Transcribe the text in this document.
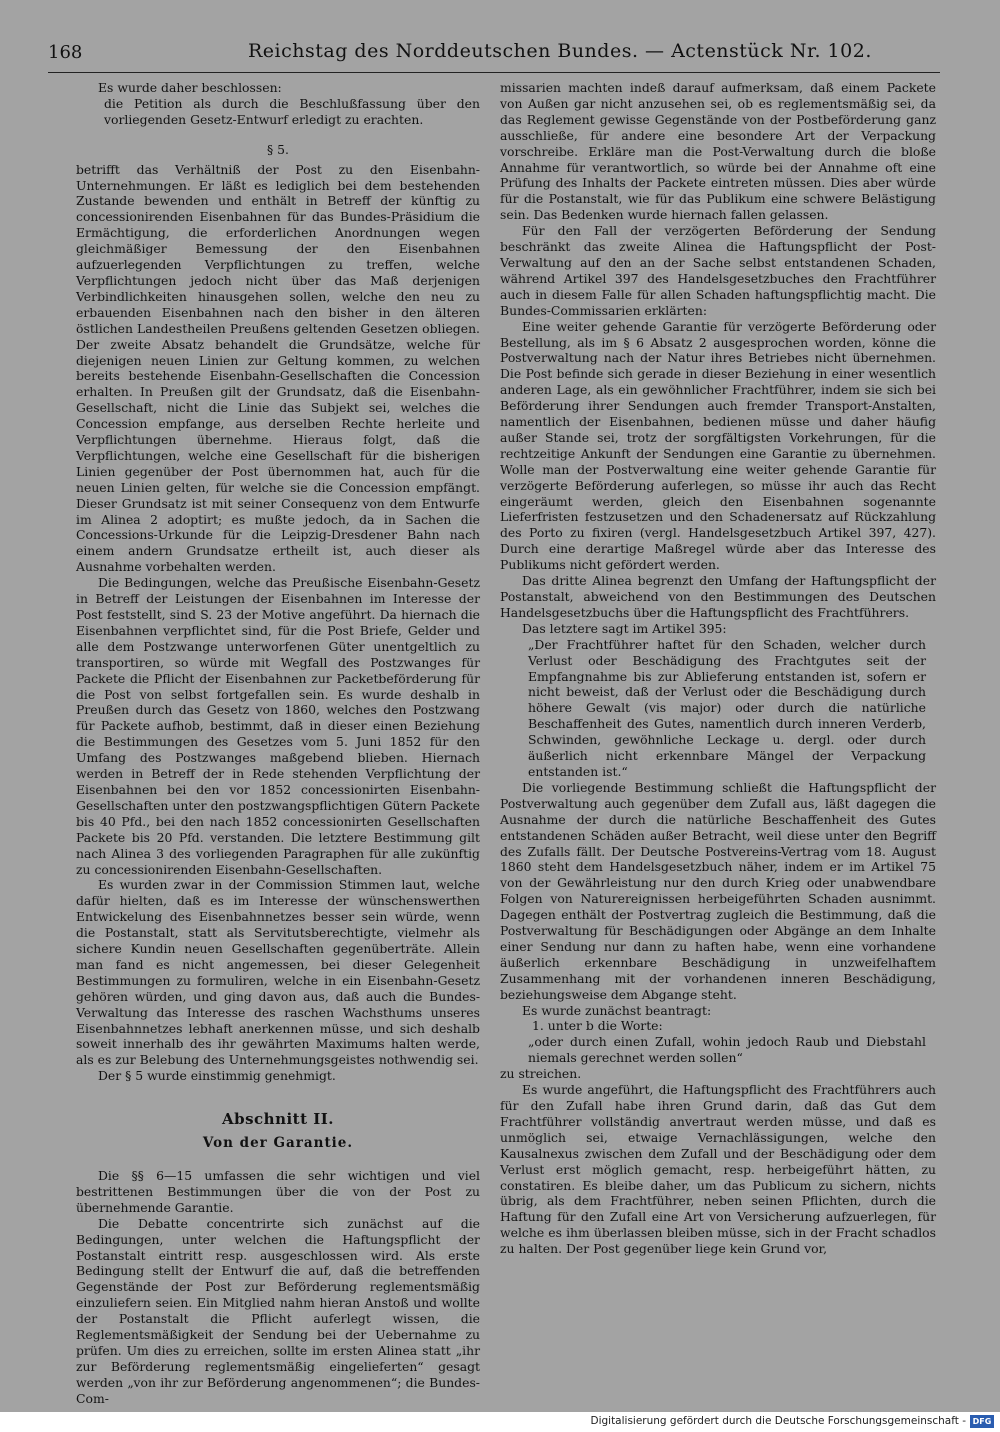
168	Reichstag des Norddeutschen Bundes. — Actenstück Nr. 102.

Es wurde daher beschlossen:

die Petition als durch die Beschlußfassung über den vorliegenden Gesetz-Entwurf erledigt zu erachten.

§ 5.

betrifft das Verhältniß der Post zu den Eisenbahn-Unternehmungen. Er läßt es lediglich bei dem bestehenden Zustande bewenden und enthält in Betreff der künftig zu concessionirenden Eisenbahnen für das Bundes-Präsidium die Ermächtigung, die erforderlichen Anordnungen wegen gleichmäßiger Bemessung der den Eisenbahnen aufzuerlegenden Verpflichtungen zu treffen, welche Verpflichtungen jedoch nicht über das Maß derjenigen Verbindlichkeiten hinausgehen sollen, welche den neu zu erbauenden Eisenbahnen nach den bisher in den älteren östlichen Landestheilen Preußens geltenden Gesetzen obliegen. Der zweite Absatz behandelt die Grundsätze, welche für diejenigen neuen Linien zur Geltung kommen, zu welchen bereits bestehende Eisenbahn-Gesellschaften die Concession erhalten. In Preußen gilt der Grundsatz, daß die Eisenbahn-Gesellschaft, nicht die Linie das Subjekt sei, welches die Concession empfange, aus derselben Rechte herleite und Verpflichtungen übernehme. Hieraus folgt, daß die Verpflichtungen, welche eine Gesellschaft für die bisherigen Linien gegenüber der Post übernommen hat, auch für die neuen Linien gelten, für welche sie die Concession empfängt. Dieser Grundsatz ist mit seiner Consequenz von dem Entwurfe im Alinea 2 adoptirt; es mußte jedoch, da in Sachen die Concessions-Urkunde für die Leipzig-Dresdener Bahn nach einem andern Grundsatze ertheilt ist, auch dieser als Ausnahme vorbehalten werden.

Die Bedingungen, welche das Preußische Eisenbahn-Gesetz in Betreff der Leistungen der Eisenbahnen im Interesse der Post feststellt, sind S. 23 der Motive angeführt. Da hiernach die Eisenbahnen verpflichtet sind, für die Post Briefe, Gelder und alle dem Postzwange unterworfenen Güter unentgeltlich zu transportiren, so würde mit Wegfall des Postzwanges für Packete die Pflicht der Eisenbahnen zur Packetbeförderung für die Post von selbst fortgefallen sein. Es wurde deshalb in Preußen durch das Gesetz von 1860, welches den Postzwang für Packete aufhob, bestimmt, daß in dieser einen Beziehung die Bestimmungen des Gesetzes vom 5. Juni 1852 für den Umfang des Postzwanges maßgebend blieben. Hiernach werden in Betreff der in Rede stehenden Verpflichtung der Eisenbahnen bei den vor 1852 concessionirten Eisenbahn-Gesellschaften unter den postzwangspflichtigen Gütern Packete bis 40 Pfd., bei den nach 1852 concessionirten Gesellschaften Packete bis 20 Pfd. verstanden. Die letztere Bestimmung gilt nach Alinea 3 des vorliegenden Paragraphen für alle zukünftig zu concessionirenden Eisenbahn-Gesellschaften.

Es wurden zwar in der Commission Stimmen laut, welche dafür hielten, daß es im Interesse der wünschenswerthen Entwickelung des Eisenbahnnetzes besser sein würde, wenn die Postanstalt, statt als Servitutsberechtigte, vielmehr als sichere Kundin neuen Gesellschaften gegenüberträte. Allein man fand es nicht angemessen, bei dieser Gelegenheit Bestimmungen zu formuliren, welche in ein Eisenbahn-Gesetz gehören würden, und ging davon aus, daß auch die Bundes-Verwaltung das Interesse des raschen Wachsthums unseres Eisenbahnnetzes lebhaft anerkennen müsse, und sich deshalb soweit innerhalb des ihr gewährten Maximums halten werde, als es zur Belebung des Unternehmungsgeistes nothwendig sei.

Der § 5 wurde einstimmig genehmigt.

Abschnitt II.

Von der Garantie.

Die §§ 6—15 umfassen die sehr wichtigen und viel bestrittenen Bestimmungen über die von der Post zu übernehmende Garantie.

Die Debatte concentrirte sich zunächst auf die Bedingungen, unter welchen die Haftungspflicht der Postanstalt eintritt resp. ausgeschlossen wird. Als erste Bedingung stellt der Entwurf die auf, daß die betreffenden Gegenstände der Post zur Beförderung reglementsmäßig einzuliefern seien. Ein Mitglied nahm hieran Anstoß und wollte der Postanstalt die Pflicht auferlegt wissen, die Reglementsmäßigkeit der Sendung bei der Uebernahme zu prüfen. Um dies zu erreichen, sollte im ersten Alinea statt „ihr zur Beförderung reglementsmäßig eingelieferten“ gesagt werden „von ihr zur Beförderung angenommenen“; die Bundes-Com-

missarien machten indeß darauf aufmerksam, daß einem Packete von Außen gar nicht anzusehen sei, ob es reglementsmäßig sei, da das Reglement gewisse Gegenstände von der Postbeförderung ganz ausschließe, für andere eine besondere Art der Verpackung vorschreibe. Erkläre man die Post-Verwaltung durch die bloße Annahme für verantwortlich, so würde bei der Annahme oft eine Prüfung des Inhalts der Packete eintreten müssen. Dies aber würde für die Postanstalt, wie für das Publikum eine schwere Belästigung sein. Das Bedenken wurde hiernach fallen gelassen.

Für den Fall der verzögerten Beförderung der Sendung beschränkt das zweite Alinea die Haftungspflicht der Post-Verwaltung auf den an der Sache selbst entstandenen Schaden, während Artikel 397 des Handelsgesetzbuches den Frachtführer auch in diesem Falle für allen Schaden haftungspflichtig macht. Die Bundes-Commissarien erklärten:

Eine weiter gehende Garantie für verzögerte Beförderung oder Bestellung, als im § 6 Absatz 2 ausgesprochen worden, könne die Postverwaltung nach der Natur ihres Betriebes nicht übernehmen. Die Post befinde sich gerade in dieser Beziehung in einer wesentlich anderen Lage, als ein gewöhnlicher Frachtführer, indem sie sich bei Beförderung ihrer Sendungen auch fremder Transport-Anstalten, namentlich der Eisenbahnen, bedienen müsse und daher häufig außer Stande sei, trotz der sorgfältigsten Vorkehrungen, für die rechtzeitige Ankunft der Sendungen eine Garantie zu übernehmen. Wolle man der Postverwaltung eine weiter gehende Garantie für verzögerte Beförderung auferlegen, so müsse ihr auch das Recht eingeräumt werden, gleich den Eisenbahnen sogenannte Lieferfristen festzusetzen und den Schadenersatz auf Rückzahlung des Porto zu fixiren (vergl. Handelsgesetzbuch Artikel 397, 427). Durch eine derartige Maßregel würde aber das Interesse des Publikums nicht gefördert werden.

Das dritte Alinea begrenzt den Umfang der Haftungspflicht der Postanstalt, abweichend von den Bestimmungen des Deutschen Handelsgesetzbuchs über die Haftungspflicht des Frachtführers.

Das letztere sagt im Artikel 395:

„Der Frachtführer haftet für den Schaden, welcher durch Verlust oder Beschädigung des Frachtgutes seit der Empfangnahme bis zur Ablieferung entstanden ist, sofern er nicht beweist, daß der Verlust oder die Beschädigung durch höhere Gewalt (vis major) oder durch die natürliche Beschaffenheit des Gutes, namentlich durch inneren Verderb, Schwinden, gewöhnliche Leckage u. dergl. oder durch äußerlich nicht erkennbare Mängel der Verpackung entstanden ist.“

Die vorliegende Bestimmung schließt die Haftungspflicht der Postverwaltung auch gegenüber dem Zufall aus, läßt dagegen die Ausnahme der durch die natürliche Beschaffenheit des Gutes entstandenen Schäden außer Betracht, weil diese unter den Begriff des Zufalls fällt. Der Deutsche Postvereins-Vertrag vom 18. August 1860 steht dem Handelsgesetzbuch näher, indem er im Artikel 75 von der Gewährleistung nur den durch Krieg oder unabwendbare Folgen von Naturereignissen herbeigeführten Schaden ausnimmt. Dagegen enthält der Postvertrag zugleich die Bestimmung, daß die Postverwaltung für Beschädigungen oder Abgänge an dem Inhalte einer Sendung nur dann zu haften habe, wenn eine vorhandene äußerlich erkennbare Beschädigung in unzweifelhaftem Zusammenhang mit der vorhandenen inneren Beschädigung, beziehungsweise dem Abgange steht.

Es wurde zunächst beantragt:

1. unter b die Worte:

„oder durch einen Zufall, wohin jedoch Raub und Diebstahl niemals gerechnet werden sollen“

zu streichen.

Es wurde angeführt, die Haftungspflicht des Frachtführers auch für den Zufall habe ihren Grund darin, daß das Gut dem Frachtführer vollständig anvertraut werden müsse, und daß es unmöglich sei, etwaige Vernachlässigungen, welche den Kausalnexus zwischen dem Zufall und der Beschädigung oder dem Verlust erst möglich gemacht, resp. herbeigeführt hätten, zu constatiren. Es bleibe daher, um das Publicum zu sichern, nichts übrig, als dem Frachtführer, neben seinen Pflichten, durch die Haftung für den Zufall eine Art von Versicherung aufzuerlegen, für welche es ihm überlassen bleiben müsse, sich in der Fracht schadlos zu halten. Der Post gegenüber liege kein Grund vor,

Digitalisierung gefördert durch die Deutsche Forschungsgemeinschaft - DFG
